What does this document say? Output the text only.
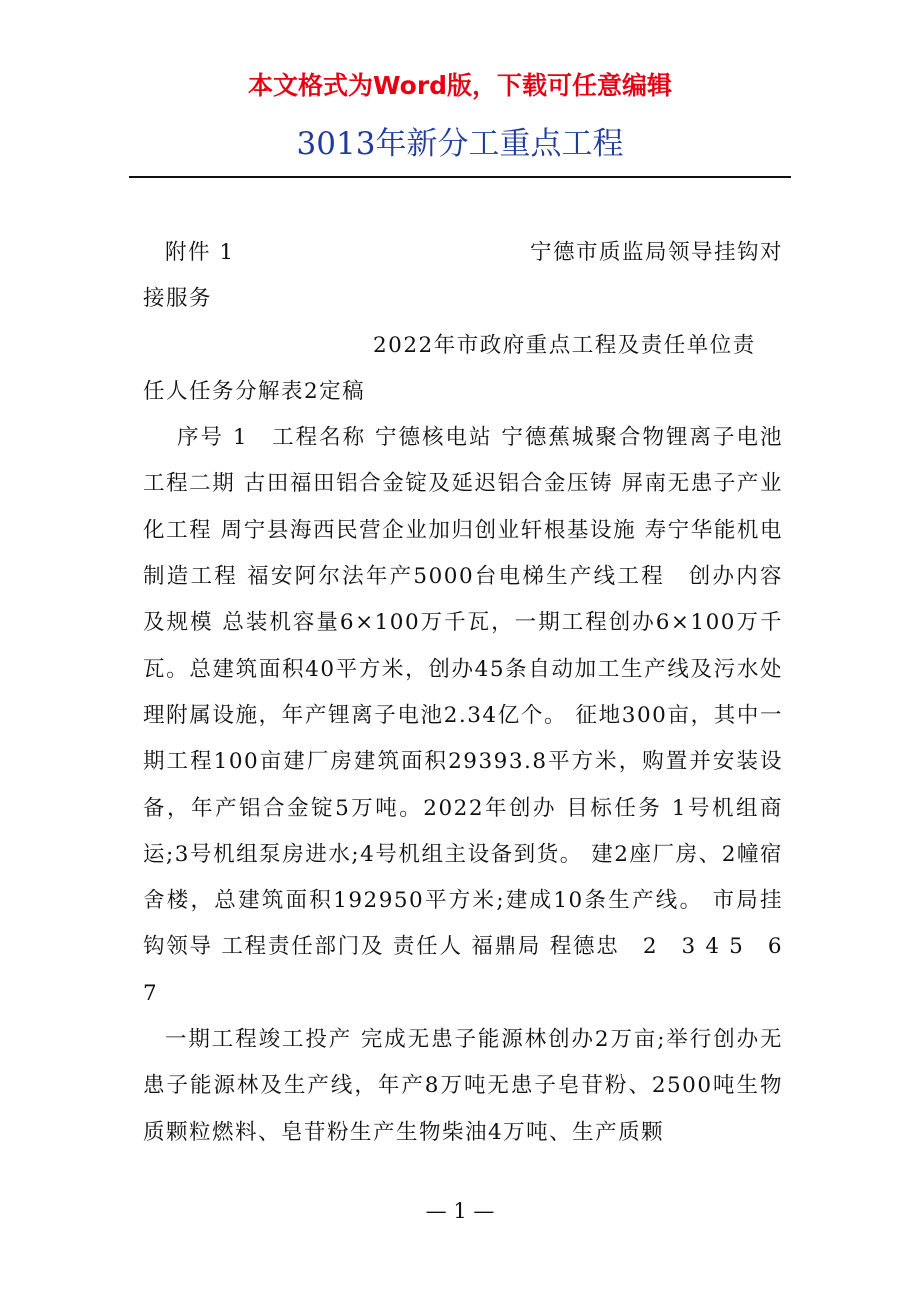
本文格式为Word版，下载可任意编辑
3013年新分工重点工程
附件 1	宁德市质监局领导挂钩对

接服务

2022年市政府重点工程及责任单位责

任人任务分解表2定稿

序号 1　工程名称 宁德核电站 宁德蕉城聚合物锂离子电池工程二期 古田福田铝合金锭及延迟铝合金压铸 屏南无患子产业化工程 周宁县海西民营企业加归创业轩根基设施 寿宁华能机电制造工程 福安阿尔法年产5000台电梯生产线工程　创办内容及规模 总装机容量6×100万千瓦，一期工程创办6×100万千瓦。总建筑面积40平方米，创办45条自动加工生产线及污水处理附属设施，年产锂离子电池2.34亿个。 征地300亩，其中一期工程100亩建厂房建筑面积29393.8平方米，购置并安装设备，年产铝合金锭5万吨。2022年创办 目标任务 1号机组商运;3号机组泵房进水;4号机组主设备到货。 建2座厂房、2幢宿舍楼，总建筑面积192950平方米;建成10条生产线。 市局挂钩领导 工程责任部门及 责任人 福鼎局 程德忠　2　3 4 5　6　7

一期工程竣工投产 完成无患子能源林创办2万亩;举行创办无患子能源林及生产线，年产8万吨无患子皂苷粉、2500吨生物质颗粒燃料、皂苷粉生产生物柴油4万吨、生产质颗

— 1 —
